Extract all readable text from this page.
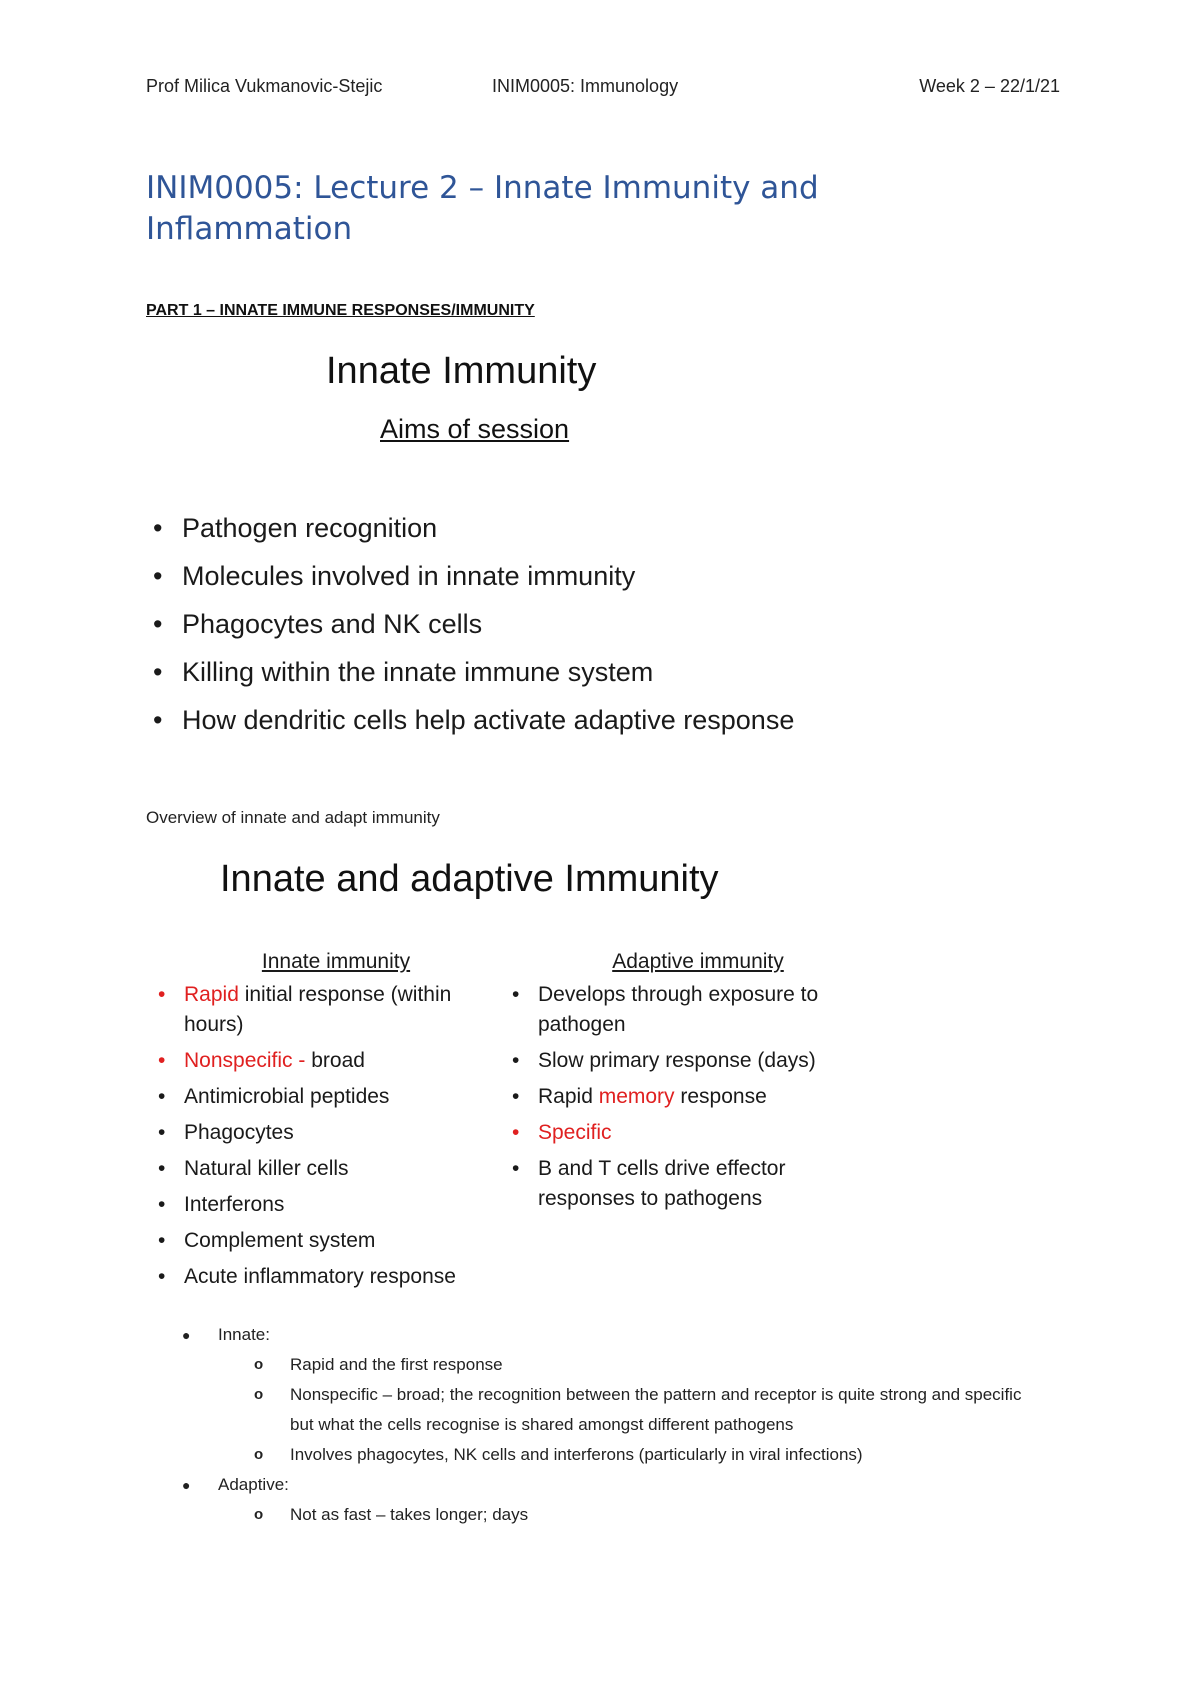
Prof Milica Vukmanovic-Stejic	INIM0005: Immunology	Week 2 – 22/1/21
INIM0005: Lecture 2 – Innate Immunity and Inflammation
PART 1 – INNATE IMMUNE RESPONSES/IMMUNITY
Innate Immunity
Aims of session
• Pathogen recognition
• Molecules involved in innate immunity
• Phagocytes and NK cells
• Killing within the innate immune system
• How dendritic cells help activate adaptive response
Overview of innate and adapt immunity
Innate and adaptive Immunity
Innate immunity
• Rapid initial response (within hours)
• Nonspecific - broad
• Antimicrobial peptides
• Phagocytes
• Natural killer cells
• Interferons
• Complement system
• Acute inflammatory response
Adaptive immunity
• Develops through exposure to pathogen
• Slow primary response (days)
• Rapid memory response
• Specific
• B and T cells drive effector responses to pathogens
● Innate:
o Rapid and the first response
o Nonspecific – broad; the recognition between the pattern and receptor is quite strong and specific but what the cells recognise is shared amongst different pathogens
o Involves phagocytes, NK cells and interferons (particularly in viral infections)
● Adaptive:
o Not as fast – takes longer; days
